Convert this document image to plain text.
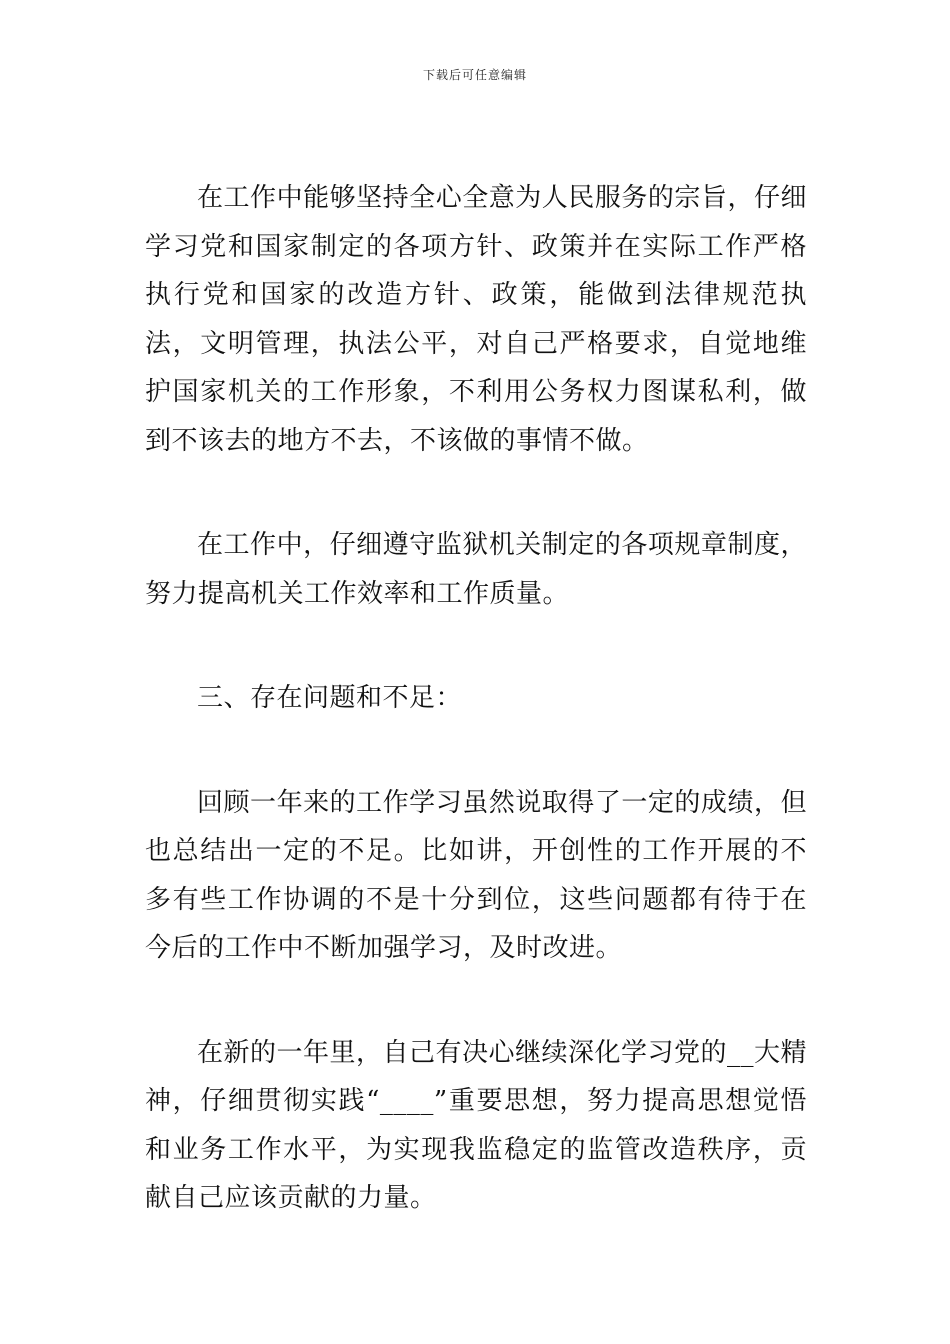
下载后可任意编辑

在工作中能够坚持全心全意为人民服务的宗旨，仔细学习党和国家制定的各项方针、政策并在实际工作严格执行党和国家的改造方针、政策，能做到法律规范执法，文明管理，执法公平，对自己严格要求，自觉地维护国家机关的工作形象，不利用公务权力图谋私利，做到不该去的地方不去，不该做的事情不做。

在工作中，仔细遵守监狱机关制定的各项规章制度，努力提高机关工作效率和工作质量。

三、存在问题和不足：

回顾一年来的工作学习虽然说取得了一定的成绩，但也总结出一定的不足。比如讲，开创性的工作开展的不多有些工作协调的不是十分到位，这些问题都有待于在今后的工作中不断加强学习，及时改进。

在新的一年里，自己有决心继续深化学习党的__大精神，仔细贯彻实践“____”重要思想，努力提高思想觉悟和业务工作水平，为实现我监稳定的监管改造秩序，贡献自己应该贡献的力量。
